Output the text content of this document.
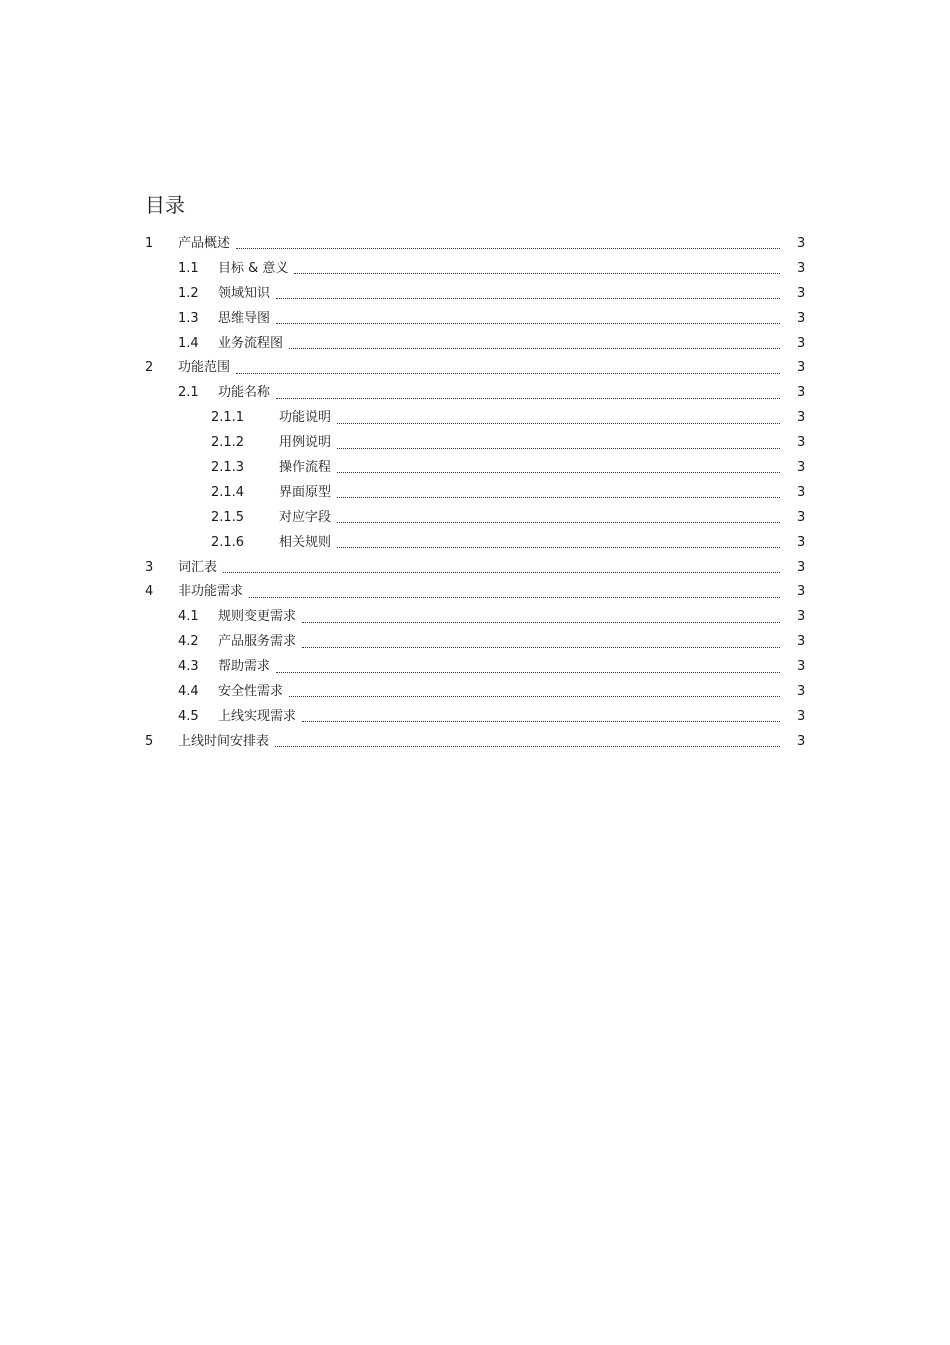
目录
1 产品概述	3
1.1 目标 & 意义	3
1.2 领域知识	3
1.3 思维导图	3
1.4 业务流程图	3
2 功能范围	3
2.1 功能名称	3
2.1.1	功能说明	3
2.1.2	用例说明	3
2.1.3	操作流程	3
2.1.4	界面原型	3
2.1.5	对应字段	3
2.1.6	相关规则	3
3 词汇表	3
4 非功能需求	3
4.1 规则变更需求	3
4.2 产品服务需求	3
4.3 帮助需求	3
4.4 安全性需求	3
4.5 上线实现需求	3
5 上线时间安排表	3
